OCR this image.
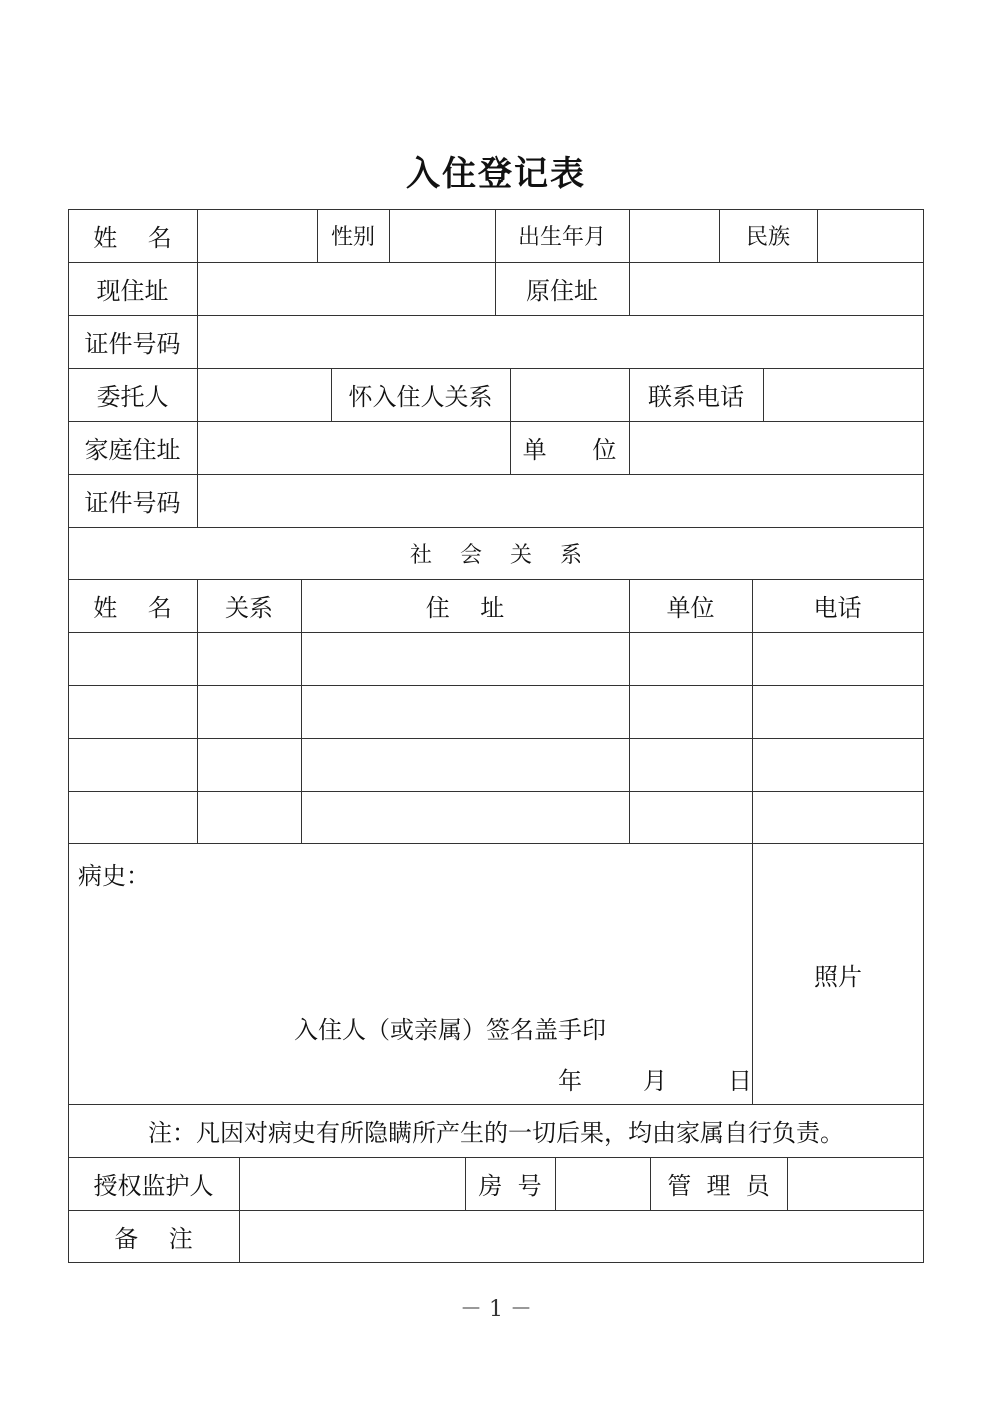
入住登记表
姓    名	性别	出生年月	民族
现住址	原住址
证件号码
委托人	怀入住人关系	联系电话
家庭住址	单      位
证件号码
社    会    关    系
姓    名	关系	住    址	单位	电话
病史：
入住人（或亲属）签名盖手印
年        月        日
照片
注：凡因对病史有所隐瞒所产生的一切后果，均由家属自行负责。
授权监护人	房  号	管  理  员
备    注
－ 1 －
